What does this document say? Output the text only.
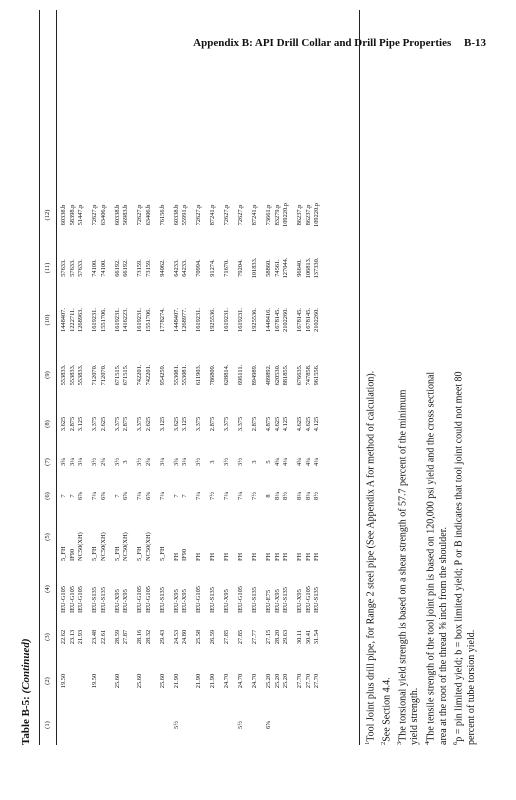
Appendix B: API Drill Collar and Drill Pipe Properties B-13
Table B-5: (Continued)
(1)
(2)
(3)
(4)
(5)
(6)
(7)
(8)
(9)
(10)
(11)
(12)
19.50
22.62
IEU-G105
5_FH
7
3¾
3.625
553833.
1448407.
57633.
60338.b
23.13
IEU-G105
IF90
7
3¼
2.875
553833.
1222711.
57633.
58398.p
21.93
IEU-G105
NC50(XH)
6⅝
3¼
3.125
553833.
1268963.
57633.
51447.p
19.50
23.48
IEU-S135
5_FH
7¼
3½
3.375
712070.
1619231.
74100.
72627.p
22.61
IEU-S135
NC50(XH)
6⅝
2¾
2.625
712070.
1551706.
74100.
63406.p
25.60
28.59
IEU-X95
5_FH
7
3½
3.375
671515.
1619231.
66192.
60338.b
27.87
IEU-X95
NC50(XH)
6⅝
3
2.875
671515.
1416223.
66192.
56983.b
25.60
28.16
IEU-G105
5_FH
7¼
3½
3.375
742201.
1619231.
73159.
72627.p
28.32
IEU-G105
NC50(XH)
6⅝
2¾
2.625
742201.
1551706.
73159.
63406.b
25.60
29.43
IEU-S135
5_FH
7¼
3¼
3.125
954259.
1778274.
94062.
76156.b
5½
21.90
24.53
IEU-X95
FH
7
3¾
3.625
553081.
1448407.
64233.
60338.b
24.80
IEU-X95
IF90
7
3¼
3.125
553081.
1268977.
64233.
55991.p
21.90
25.58
IEU-G105
FH
7¼
3½
3.375
611903.
1619231.
70994.
72627.p
21.90
26.59
IEU-S135
FH
7½
3
2.875
786809.
1925536.
91274.
87241.p
24.70
27.85
IEU-X95
FH
7¼
3½
3.375
628814.
1619231.
71670.
72627.p
5½
24.70
27.85
IEU-G105
FH
7¼
3½
3.375
696111.
1619231.
79204.
72627.p
24.70
27.77
IEU-S135
FH
7½
3
2.875
894989.
1925536.
101833.
87241.p
6⅝
25.20
27.15
IEU-E75
FH
8
5
4.875
489892.
1448416.
58860.
73661.p
25.20
28.20
IEU-X95
FH
8¼
4¾
4.625
620530.
1678145.
74561.
83279.p
25.20
29.63
IEU-S135
FH
8½
4¼
4.125
881855.
2102260.
127044.
109220.p
27.70
30.11
IEU-X95
FH
8¼
4¾
4.625
676635.
1678145.
96640.
86237.p
27.70
30.41
IEU-G105
FH
8¼
4¾
4.625
747858.
1678145.
106813.
86237.p
27.70
31.54
IEU-S135
FH
8½
4¼
4.125
961556.
2102260.
137330.
109220.p
$^1$Tool Joint plus drill pipe, for Range 2 steel pipe (See Appendix A for method of calculation).
$^2$See Section 4.4.
$^3$The torsional yield strength is based on a shear strength of 57.7 percent of the minimum yield strength. $^4$The tensile strength of the tool joint pin is based on 120,000 psi yield and the cross sectional area at the root of the thread ⅝ inch from the shoulder. $^6$p = pin limited yield; b = box limited yield; P or B indicates that tool joint could not meet 80 percent of tube torsion yield.
